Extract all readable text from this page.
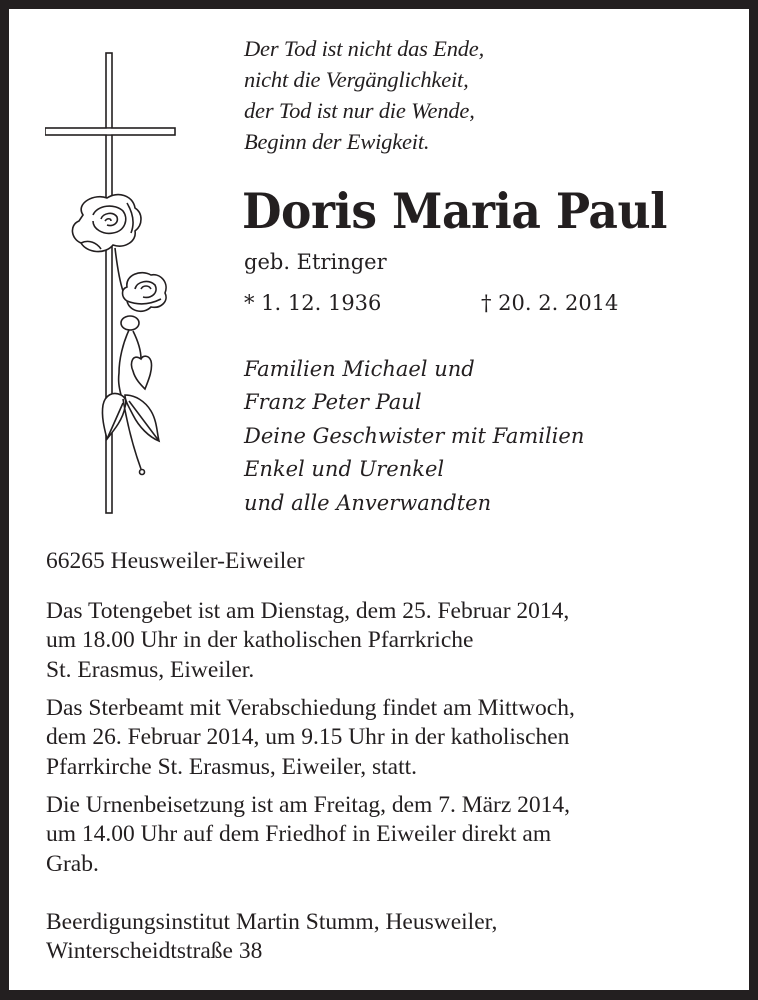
Der Tod ist nicht das Ende,
nicht die Vergänglichkeit,
der Tod ist nur die Wende,
Beginn der Ewigkeit.
Doris Maria Paul
geb. Etringer
* 1. 12. 1936	† 20. 2. 2014
Familien Michael und
Franz Peter Paul
Deine Geschwister mit Familien
Enkel und Urenkel
und alle Anverwandten
66265 Heusweiler-Eiweiler
Das Totengebet ist am Dienstag, dem 25. Februar 2014,
um 18.00 Uhr in der katholischen Pfarrkriche
St. Erasmus, Eiweiler.
Das Sterbeamt mit Verabschiedung findet am Mittwoch,
dem 26. Februar 2014, um 9.15 Uhr in der katholischen
Pfarrkirche St. Erasmus, Eiweiler, statt.
Die Urnenbeisetzung ist am Freitag, dem 7. März 2014,
um 14.00 Uhr auf dem Friedhof in Eiweiler direkt am
Grab.
Beerdigungsinstitut Martin Stumm, Heusweiler,
Winterscheidtstraße 38
